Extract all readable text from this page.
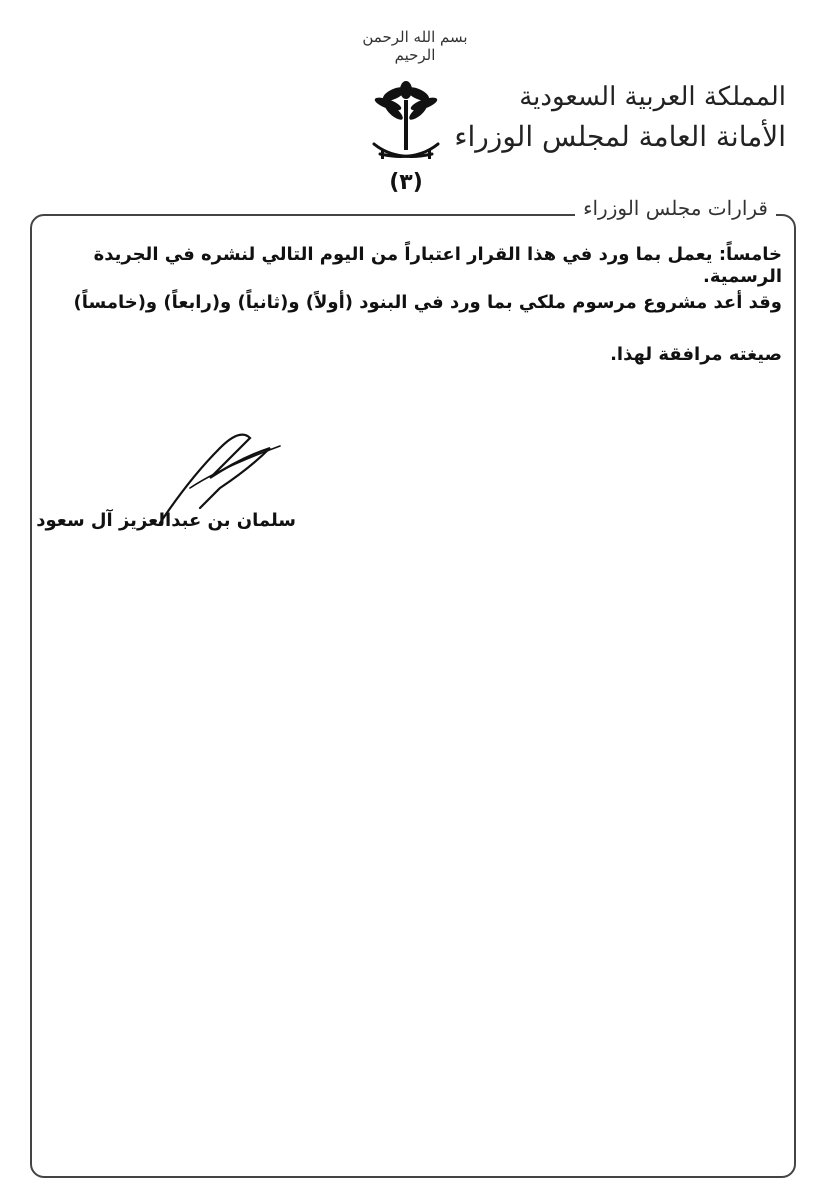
بسم الله الرحمن الرحيم
(٣)
المملكة العربية السعودية
الأمانة العامة لمجلس الوزراء
قرارات مجلس الوزراء
خامساً: يعمل بما ورد في هذا القرار اعتباراً من اليوم التالي لنشره في الجريدة الرسمية.
وقد أعد مشروع مرسوم ملكي بما ورد في البنود (أولاً) و(ثانياً) و(رابعاً) و(خامساً)
صيغته مرافقة لهذا.
سلمان بن عبدالعزيز آل سعود
